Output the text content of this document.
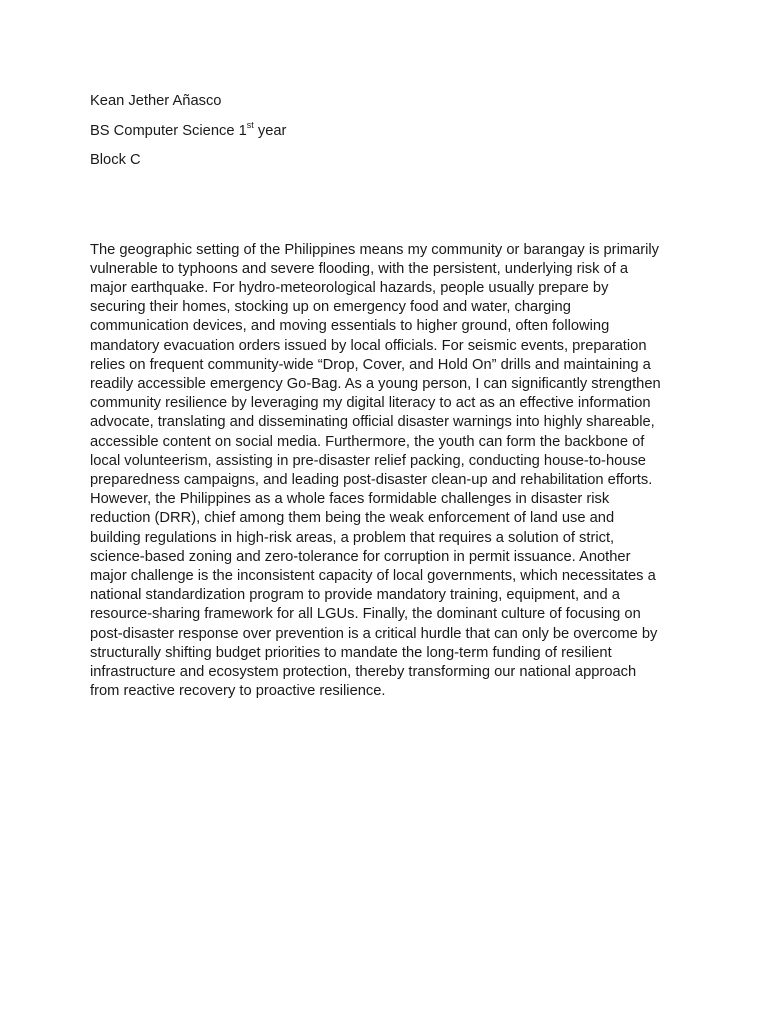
Kean Jether Añasco

BS Computer Science 1st year

Block C

The geographic setting of the Philippines means my community or barangay is primarily
vulnerable to typhoons and severe flooding, with the persistent, underlying risk of a
major earthquake. For hydro-meteorological hazards, people usually prepare by
securing their homes, stocking up on emergency food and water, charging
communication devices, and moving essentials to higher ground, often following
mandatory evacuation orders issued by local officials. For seismic events, preparation
relies on frequent community-wide “Drop, Cover, and Hold On” drills and maintaining a
readily accessible emergency Go-Bag. As a young person, I can significantly strengthen
community resilience by leveraging my digital literacy to act as an effective information
advocate, translating and disseminating official disaster warnings into highly shareable,
accessible content on social media. Furthermore, the youth can form the backbone of
local volunteerism, assisting in pre-disaster relief packing, conducting house-to-house
preparedness campaigns, and leading post-disaster clean-up and rehabilitation efforts.
However, the Philippines as a whole faces formidable challenges in disaster risk
reduction (DRR), chief among them being the weak enforcement of land use and
building regulations in high-risk areas, a problem that requires a solution of strict,
science-based zoning and zero-tolerance for corruption in permit issuance. Another
major challenge is the inconsistent capacity of local governments, which necessitates a
national standardization program to provide mandatory training, equipment, and a
resource-sharing framework for all LGUs. Finally, the dominant culture of focusing on
post-disaster response over prevention is a critical hurdle that can only be overcome by
structurally shifting budget priorities to mandate the long-term funding of resilient
infrastructure and ecosystem protection, thereby transforming our national approach
from reactive recovery to proactive resilience.
